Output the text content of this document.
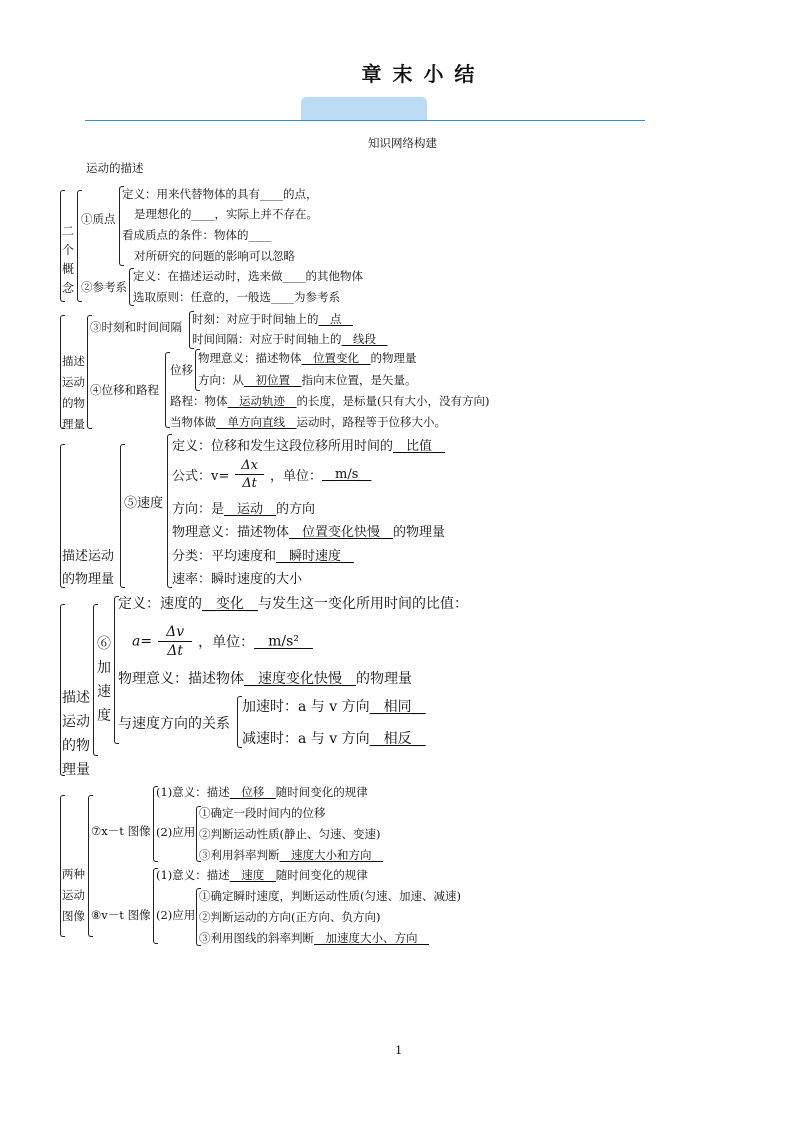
章 末 小 结
知识网络构建
运动的描述
二个概念
①质点
定义：用来代替物体的具有____的点，
是理想化的____，实际上并不存在。
看成质点的条件：物体的____
对所研究的问题的影响可以忽略
②参考系
定义：在描述运动时，选来做____的其他物体
选取原则：任意的，一般选____为参考系
描述运动的物理量
③时刻和时间间隔
时刻：对应于时间轴上的__点__
时间间隔：对应于时间轴上的__线段__
④位移和路程
位移
物理意义：描述物体__位置变化__的物理量
方向：从__初位置__指向末位置，是矢量。
路程：物体__运动轨迹__的长度，是标量(只有大小，没有方向)
当物体做__单方向直线__运动时，路程等于位移大小。
描述运动的物理量
⑤速度
定义：位移和发生这段位移所用时间的__比值__
公式：$v= \frac{\Delta x}{\Delta t}$ ，单位：__m/s__
方向：是__运动__的方向
物理意义：描述物体__位置变化快慢__的物理量
分类：平均速度和__瞬时速度__
速率：瞬时速度的大小
描述运动的物理量
⑥加速度
定义：速度的__变化__与发生这一变化所用时间的比值：
$a= \frac{\Delta v}{\Delta t}$ ，单位：__m/s²__
物理意义：描述物体__速度变化快慢__的物理量
与速度方向的关系
加速时：a 与 v 方向__相同__
减速时：a 与 v 方向__相反__
两种运动图像
⑦x－t 图像
(1)意义：描述__位移__随时间变化的规律
(2)应用
①确定一段时间内的位移
②判断运动性质(静止、匀速、变速)
③利用斜率判断__速度大小和方向__
⑧v－t 图像
(1)意义：描述__速度__随时间变化的规律
(2)应用
①确定瞬时速度，判断运动性质(匀速、加速、减速)
②判断运动的方向(正方向、负方向)
③利用图线的斜率判断__加速度大小、方向__
1
